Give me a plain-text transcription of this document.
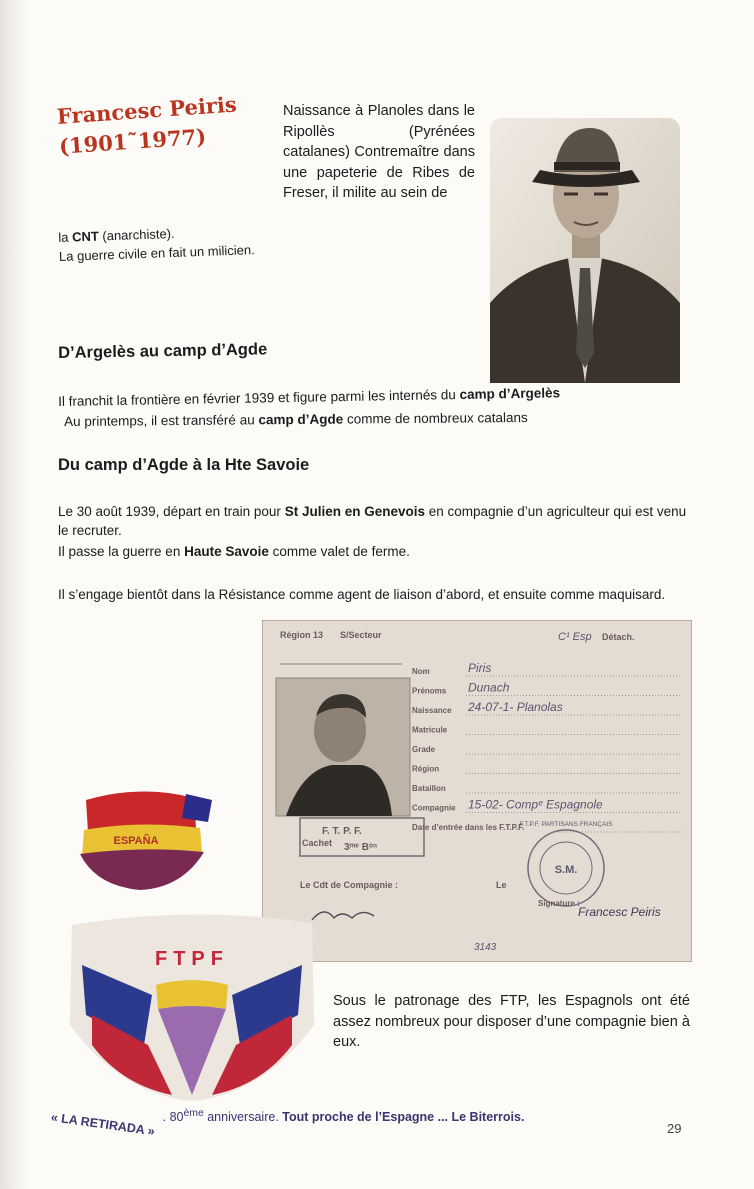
Francesc Peiris
(1901˜1977)

Naissance à Planoles dans le Ripollès (Pyrénées catalanes) Contremaître dans une papeterie de Ribes de Freser, il milite au sein de

la CNT (anarchiste).
La guerre civile en fait un milicien.

D’Argelès au camp d’Agde

Il franchit la frontière en février 1939 et figure parmi les internés du camp d’Argelès

Au printemps, il est transféré au camp d’Agde comme de nombreux catalans

Du camp d’Agde à la Hte Savoie

Le 30 août 1939, départ en train pour St Julien en Genevois en compagnie d’un agriculteur qui est venu le recruter.

Il passe la guerre en Haute Savoie comme valet de ferme.

Il s’engage bientôt dans la Résistance comme agent de liaison d’abord, et ensuite comme maquisard.

Région 13 S/Secteur	C¹ Esp Détach.
Nom	Piris
Prénoms Dunach
Naissance 24-07-1- Planolas
Matricule
Grade
Région
Bataillon
Compagnie 15-02- Compᵉ Espagnole
Date d’entrée dans les F.T.P.F.
F. T. P. F.
Cachet 3ᵐᵉ Bᵒⁿ
Le Cdt de Compagnie :	Le
S.M.
F.T.P.F. PARTISANS FRANÇAIS
Signature :
Francesc Peiris
3143
ESPAÑA
FTPF

Sous le patronage des FTP, les Espagnols ont été assez nombreux pour disposer d’une compagnie bien à eux.

« LA RETIRADA » . 80ème anniversaire. Tout proche de l’Espagne ... Le Biterrois.

29
